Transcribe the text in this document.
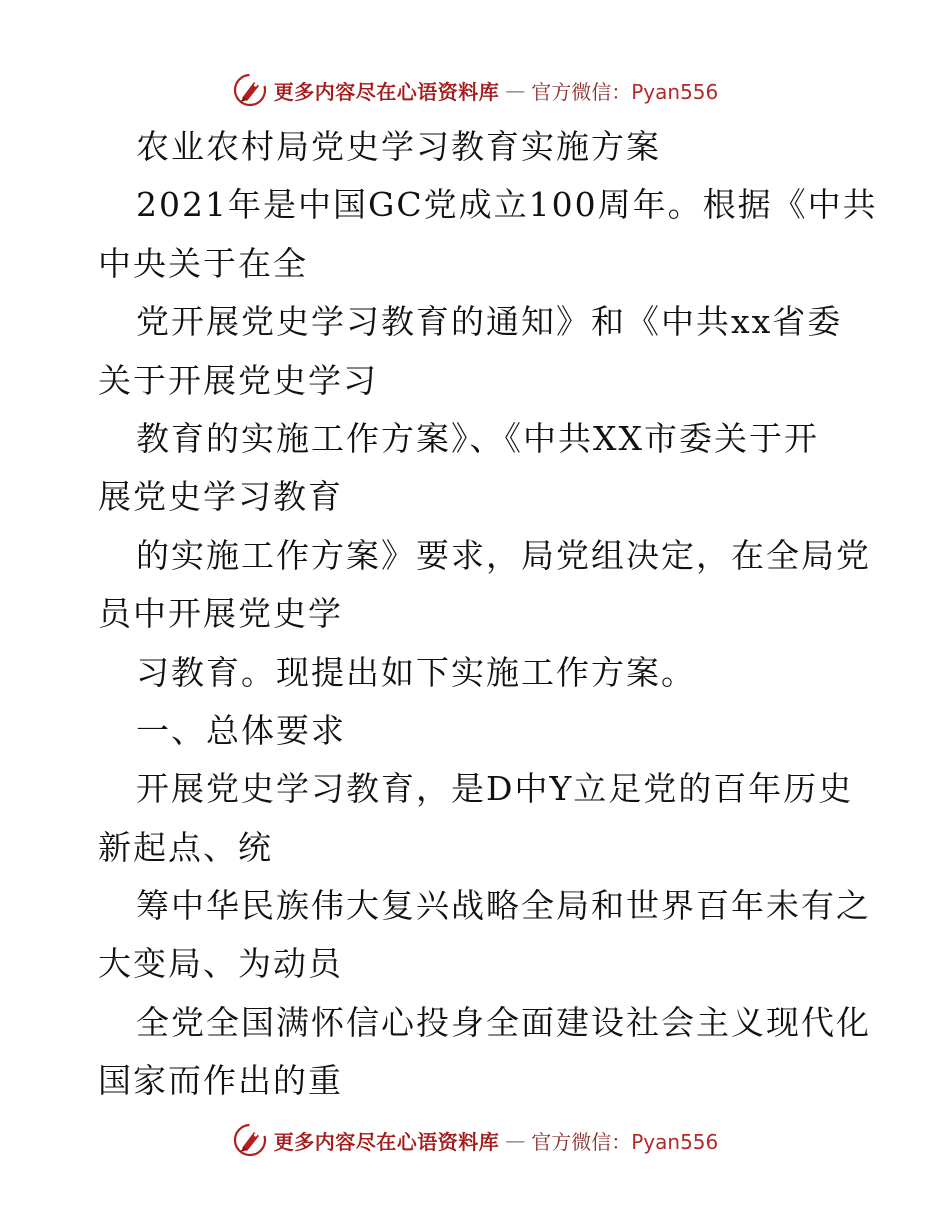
更多内容尽在心语资料库 — 官方微信：Pyan556
农业农村局党史学习教育实施方案
2021年是中国GC党成立100周年。根据《中共
中央关于在全
党开展党史学习教育的通知》和《中共xx省委
关于开展党史学习
教育的实施工作方案》、《中共XX市委关于开
展党史学习教育
的实施工作方案》要求，局党组决定，在全局党
员中开展党史学
习教育。现提出如下实施工作方案。
一、总体要求
开展党史学习教育，是D中Y立足党的百年历史
新起点、统
筹中华民族伟大复兴战略全局和世界百年未有之
大变局、为动员
全党全国满怀信心投身全面建设社会主义现代化
国家而作出的重
更多内容尽在心语资料库 — 官方微信：Pyan556
